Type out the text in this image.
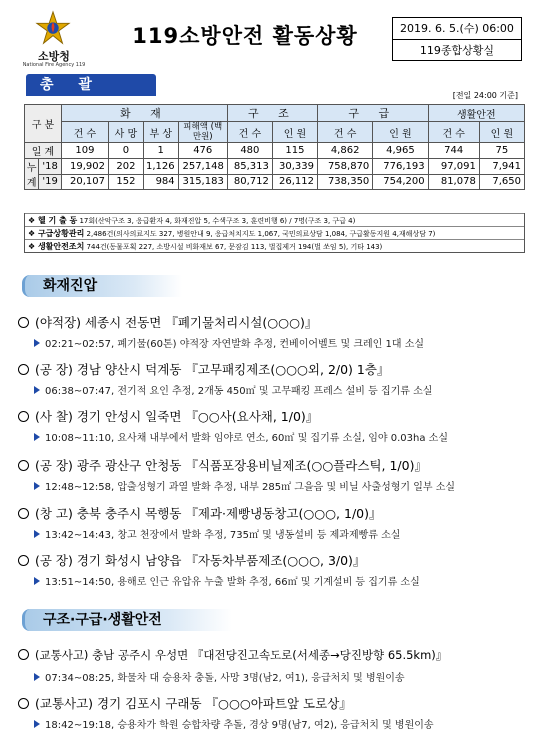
소방청
National Fire Agency 119
119소방안전 활동상황	2019. 6. 5.(수) 06:00
119종합상황실
총 괄
[전일 24:00 기준]
구 분		화 재				구 조		구 급		생활안전	
		건 수	사 망	부 상	피해액 (백만원)	건 수	인 원	건 수	인 원	건 수	인 원
일 계		109	0	1	476	480	115	4,862	4,965	744	75
누
계	'18	19,902	202	1,126	257,148	85,313	30,339	758,870	776,193	97,091	7,941
	'19	20,107	152	984	315,183	80,712	26,112	738,350	754,200	81,078	7,650
❖ 헬 기 출 동 17회(산악구조 3, 응급환자 4, 화재진압 5, 수색구조 3, 훈련비행 6) / 7명(구조 3, 구급 4)
❖ 구급상황관리 2,486건(의사의료지도 327, 병원안내 9, 응급처치지도 1,067, 국민의료상담 1,084, 구급활동지원 4,재해상담 7)
❖ 생활안전조치 744건(동물포획 227, 소방시설 비화재보 67, 문잠김 113, 벌집제거 194(벌 쏘임 5), 기타 143)
화재진압
(야적장) 세종시 전동면 『폐기물처리시설(○○○)』
02:21~02:57, 폐기물(60톤) 야적장 자연발화 추정, 컨베이어벨트 및 크레인 1대 소실
(공 장) 경남 양산시 덕계동 『고무패킹제조(○○○외, 2/0) 1층』
06:38~07:47, 전기적 요인 추정, 2개동 450㎡ 및 고무패킹 프레스 설비 등 집기류 소실
(사 찰) 경기 안성시 일죽면 『○○사(요사채, 1/0)』
10:08~11:10, 요사채 내부에서 발화 임야로 연소, 60㎡ 및 집기류 소실, 임야 0.03ha 소실
(공 장) 광주 광산구 안청동 『식품포장용비닐제조(○○플라스틱, 1/0)』
12:48~12:58, 압출성형기 과열 발화 추정, 내부 285㎡ 그을음 및 비닐 사출성형기 일부 소실
(창 고) 충북 충주시 목행동 『제과·제빵냉동창고(○○○, 1/0)』
13:42~14:43, 창고 천장에서 발화 추정, 735㎡ 및 냉동설비 등 제과제빵류 소실
(공 장) 경기 화성시 남양읍 『자동차부품제조(○○○, 3/0)』
13:51~14:50, 용해로 인근 유압유 누출 발화 추정, 66㎡ 및 기계설비 등 집기류 소실
구조·구급·생활안전
(교통사고) 충남 공주시 우성면 『대전당진고속도로(서세종→당진방향 65.5km)』
07:34~08:25, 화물차 대 승용차 충돌, 사망 3명(남2, 여1), 응급처치 및 병원이송
(교통사고) 경기 김포시 구래동 『○○○아파트앞 도로상』
18:42~19:18, 승용차가 학원 승합차량 추돌, 경상 9명(남7, 여2), 응급처치 및 병원이송
